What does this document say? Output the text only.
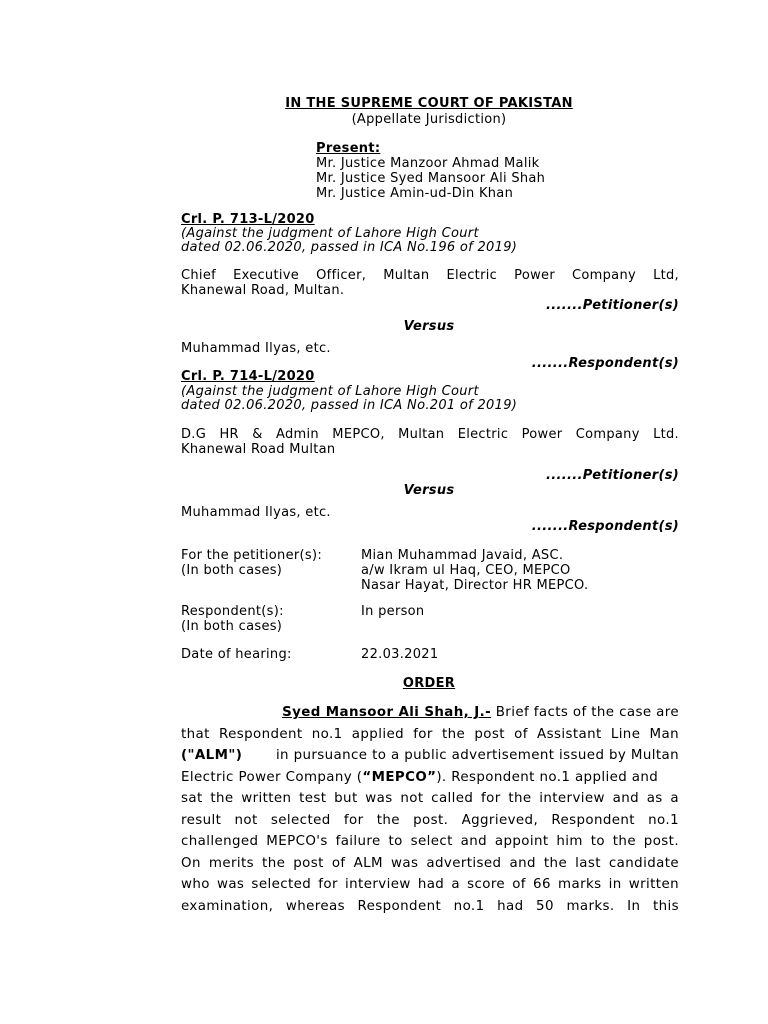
IN THE SUPREME COURT OF PAKISTAN
(Appellate Jurisdiction)
Present:
Mr. Justice Manzoor Ahmad Malik
Mr. Justice Syed Mansoor Ali Shah
Mr. Justice Amin-ud-Din Khan
Crl. P. 713-L/2020
(Against the judgment of Lahore High Court
dated 02.06.2020, passed in ICA No.196 of 2019)
Chief Executive Officer, Multan Electric Power Company Ltd,
Khanewal Road, Multan.
.......Petitioner(s)
Versus
Muhammad Ilyas, etc.
.......Respondent(s)
Crl. P. 714-L/2020
(Against the judgment of Lahore High Court
dated 02.06.2020, passed in ICA No.201 of 2019)
D.G HR & Admin MEPCO, Multan Electric Power Company Ltd.
Khanewal Road Multan
.......Petitioner(s)
Versus
Muhammad Ilyas, etc.
.......Respondent(s)
For the petitioner(s):
(In both cases)
Mian Muhammad Javaid, ASC.
a/w Ikram ul Haq, CEO, MEPCO
Nasar Hayat, Director HR MEPCO.
Respondent(s):
(In both cases)
In person
Date of hearing:	22.03.2021
ORDER
Syed Mansoor Ali Shah, J.- Brief facts of the case are
that Respondent no.1 applied for the post of Assistant Line Man
("ALM")	in pursuance to a public advertisement issued by Multan
Electric Power Company (“MEPCO”). Respondent no.1 applied and
sat the written test but was not called for the interview and as a
result not selected for the post. Aggrieved, Respondent no.1
challenged MEPCO's failure to select and appoint him to the post.
On merits the post of ALM was advertised and the last candidate
who was selected for interview had a score of 66 marks in written
examination, whereas Respondent no.1 had 50 marks. In this
